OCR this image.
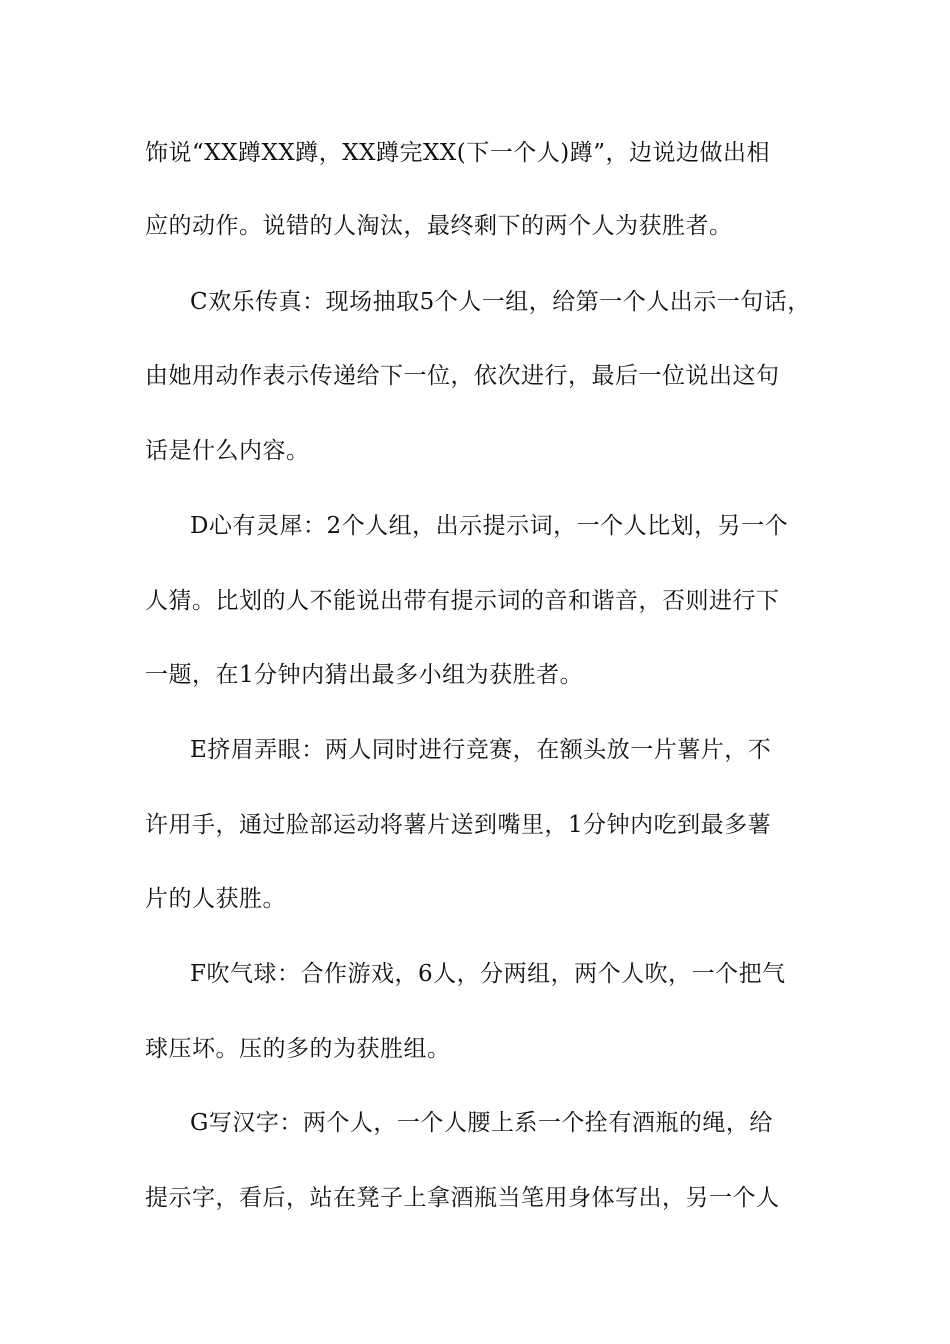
饰说“XX蹲XX蹲，XX蹲完XX(下一个人)蹲”，边说边做出相
应的动作。说错的人淘汰，最终剩下的两个人为获胜者。
C欢乐传真：现场抽取5个人一组，给第一个人出示一句话，
由她用动作表示传递给下一位，依次进行，最后一位说出这句
话是什么内容。
D心有灵犀：2个人组，出示提示词，一个人比划，另一个
人猜。比划的人不能说出带有提示词的音和谐音，否则进行下
一题，在1分钟内猜出最多小组为获胜者。
E挤眉弄眼：两人同时进行竞赛，在额头放一片薯片，不
许用手，通过脸部运动将薯片送到嘴里，1分钟内吃到最多薯
片的人获胜。
F吹气球：合作游戏，6人，分两组，两个人吹，一个把气
球压坏。压的多的为获胜组。
G写汉字：两个人，一个人腰上系一个拴有酒瓶的绳，给
提示字，看后，站在凳子上拿酒瓶当笔用身体写出，另一个人
